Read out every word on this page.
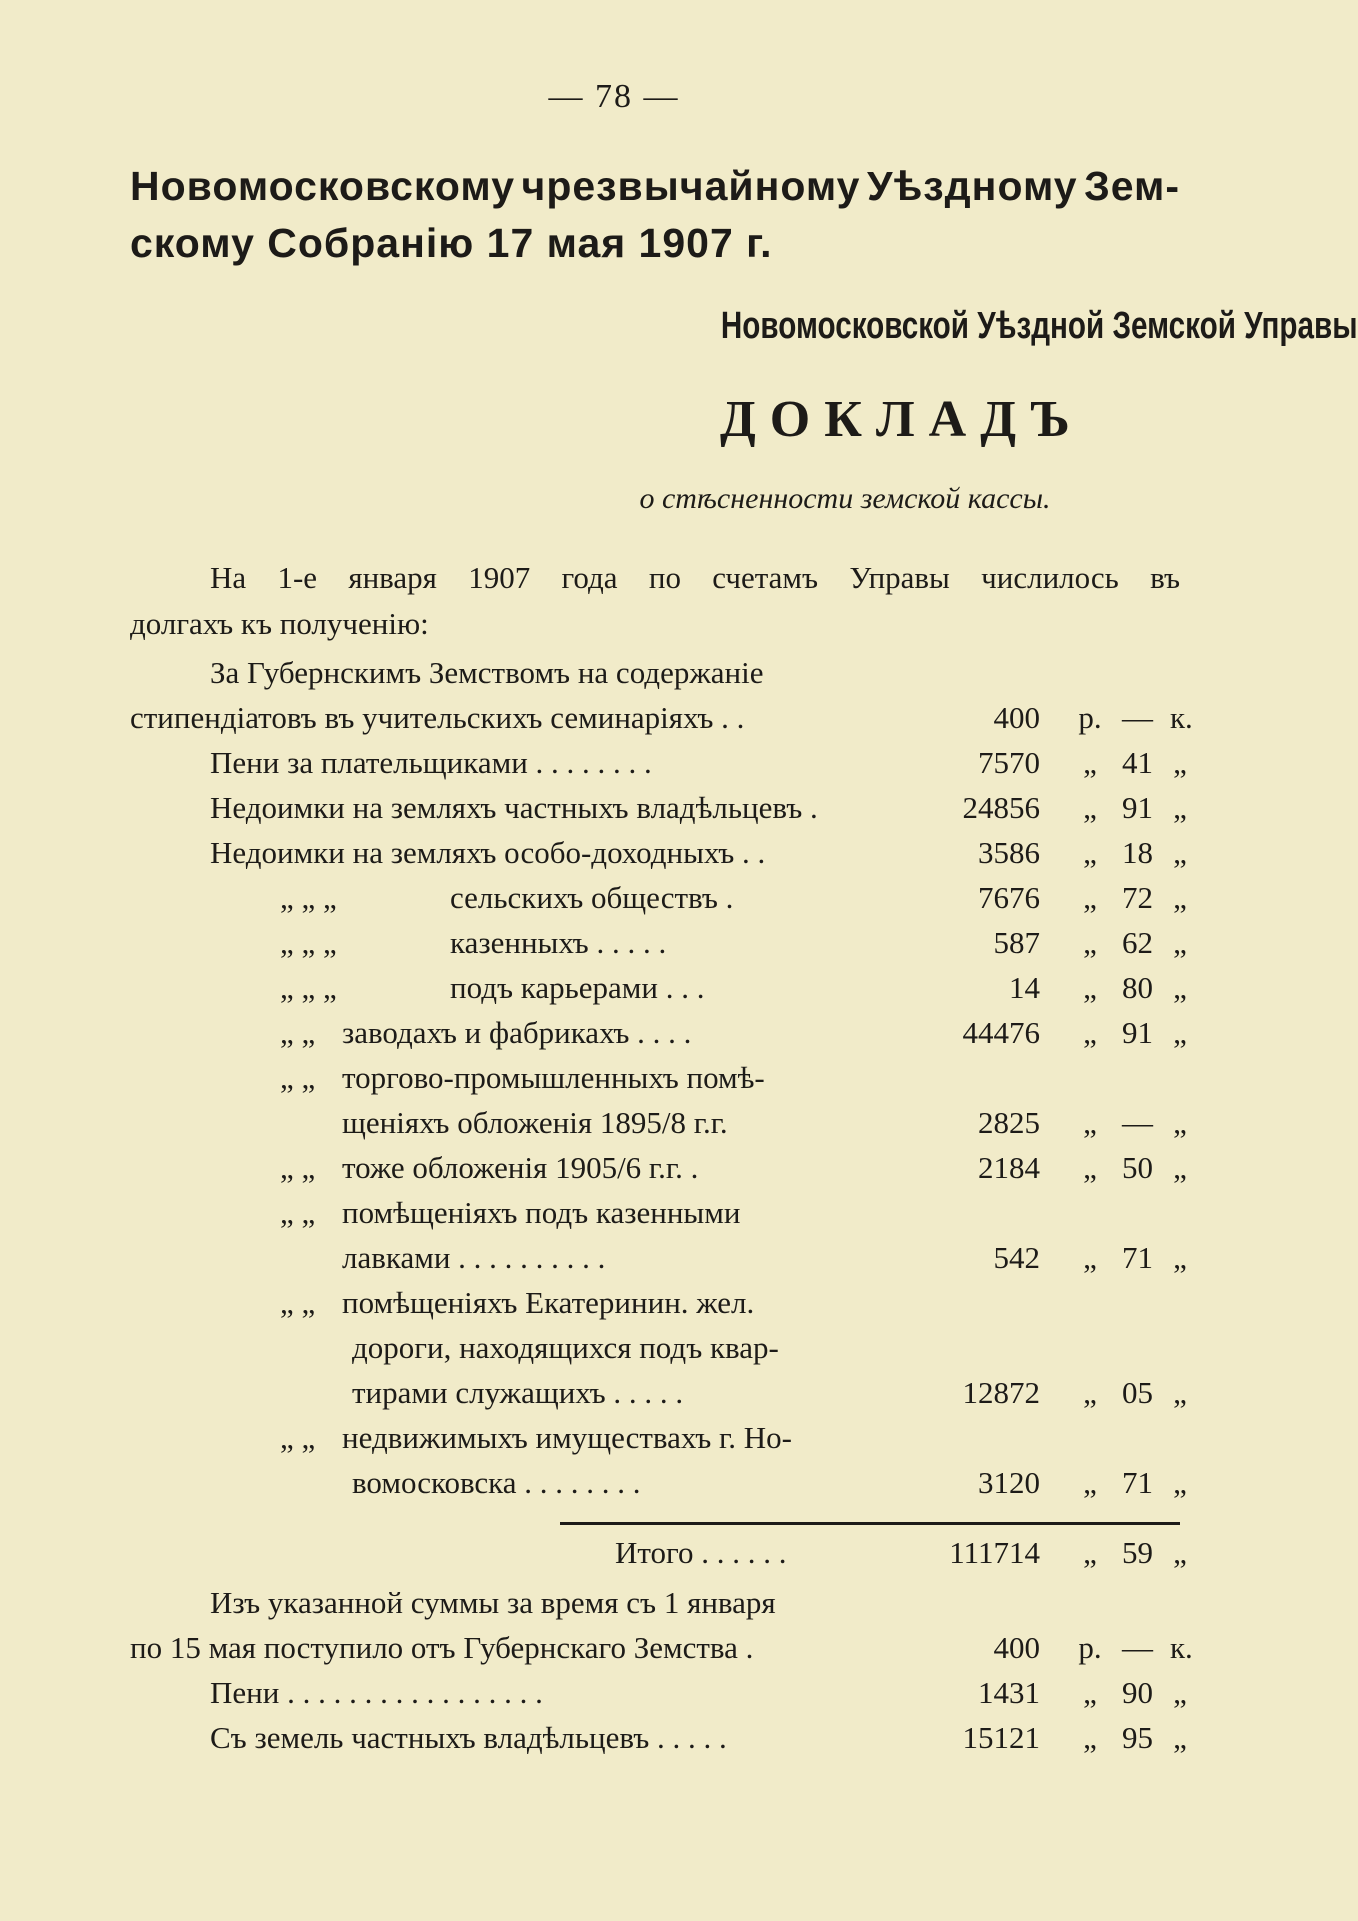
— 78 —
Новомосковскому чрезвычайному Уѣздному Зем-
скому Собранію 17 мая 1907 г.
Новомосковской Уѣздной Земской Управы
ДОКЛАДЪ
о стѣсненности земской кассы.
На 1-е января 1907 года по счетамъ Управы числилось въ
долгахъ къ полученію:
За Губернскимъ Земствомъ на содержаніе
стипендіатовъ въ учительскихъ семинаріяхъ . .	400 р. — к.
Пени за плательщиками . . . . . . . .	7570 „ 41 „
Недоимки на земляхъ частныхъ владѣльцевъ .	24856 „ 91 „
Недоимки на земляхъ особо-доходныхъ . .	3586 „ 18 „
„ „ „	сельскихъ обществъ .	7676 „ 72 „
„ „ „	казенныхъ . . . . .	587 „ 62 „
„ „ „	подъ карьерами . . .	14 „ 80 „
„ „ заводахъ и фабрикахъ . . . .	44476 „ 91 „
„ „ торгово-промышленныхъ помѣ-
щеніяхъ обложенія 1895/8 г.г.	2825 „ — „
„ „ тоже обложенія 1905/6 г.г. .	2184 „ 50 „
„ „ помѣщеніяхъ подъ казенными
лавками . . . . . . . . . .	542 „ 71 „
„ „ помѣщеніяхъ Екатеринин. жел.
дороги, находящихся подъ квар-
тирами служащихъ . . . . .	12872 „ 05 „
„ „ недвижимыхъ имуществахъ г. Но-
вомосковска . . . . . . . .	3120 „ 71 „
Итого . . . . . .	111714 „ 59 „
Изъ указанной суммы за время съ 1 января
по 15 мая поступило отъ Губернскаго Земства .	400 р. — к.
Пени . . . . . . . . . . . . . . . . .	1431 „ 90 „
Съ земель частныхъ владѣльцевъ . . . . .	15121 „ 95 „
